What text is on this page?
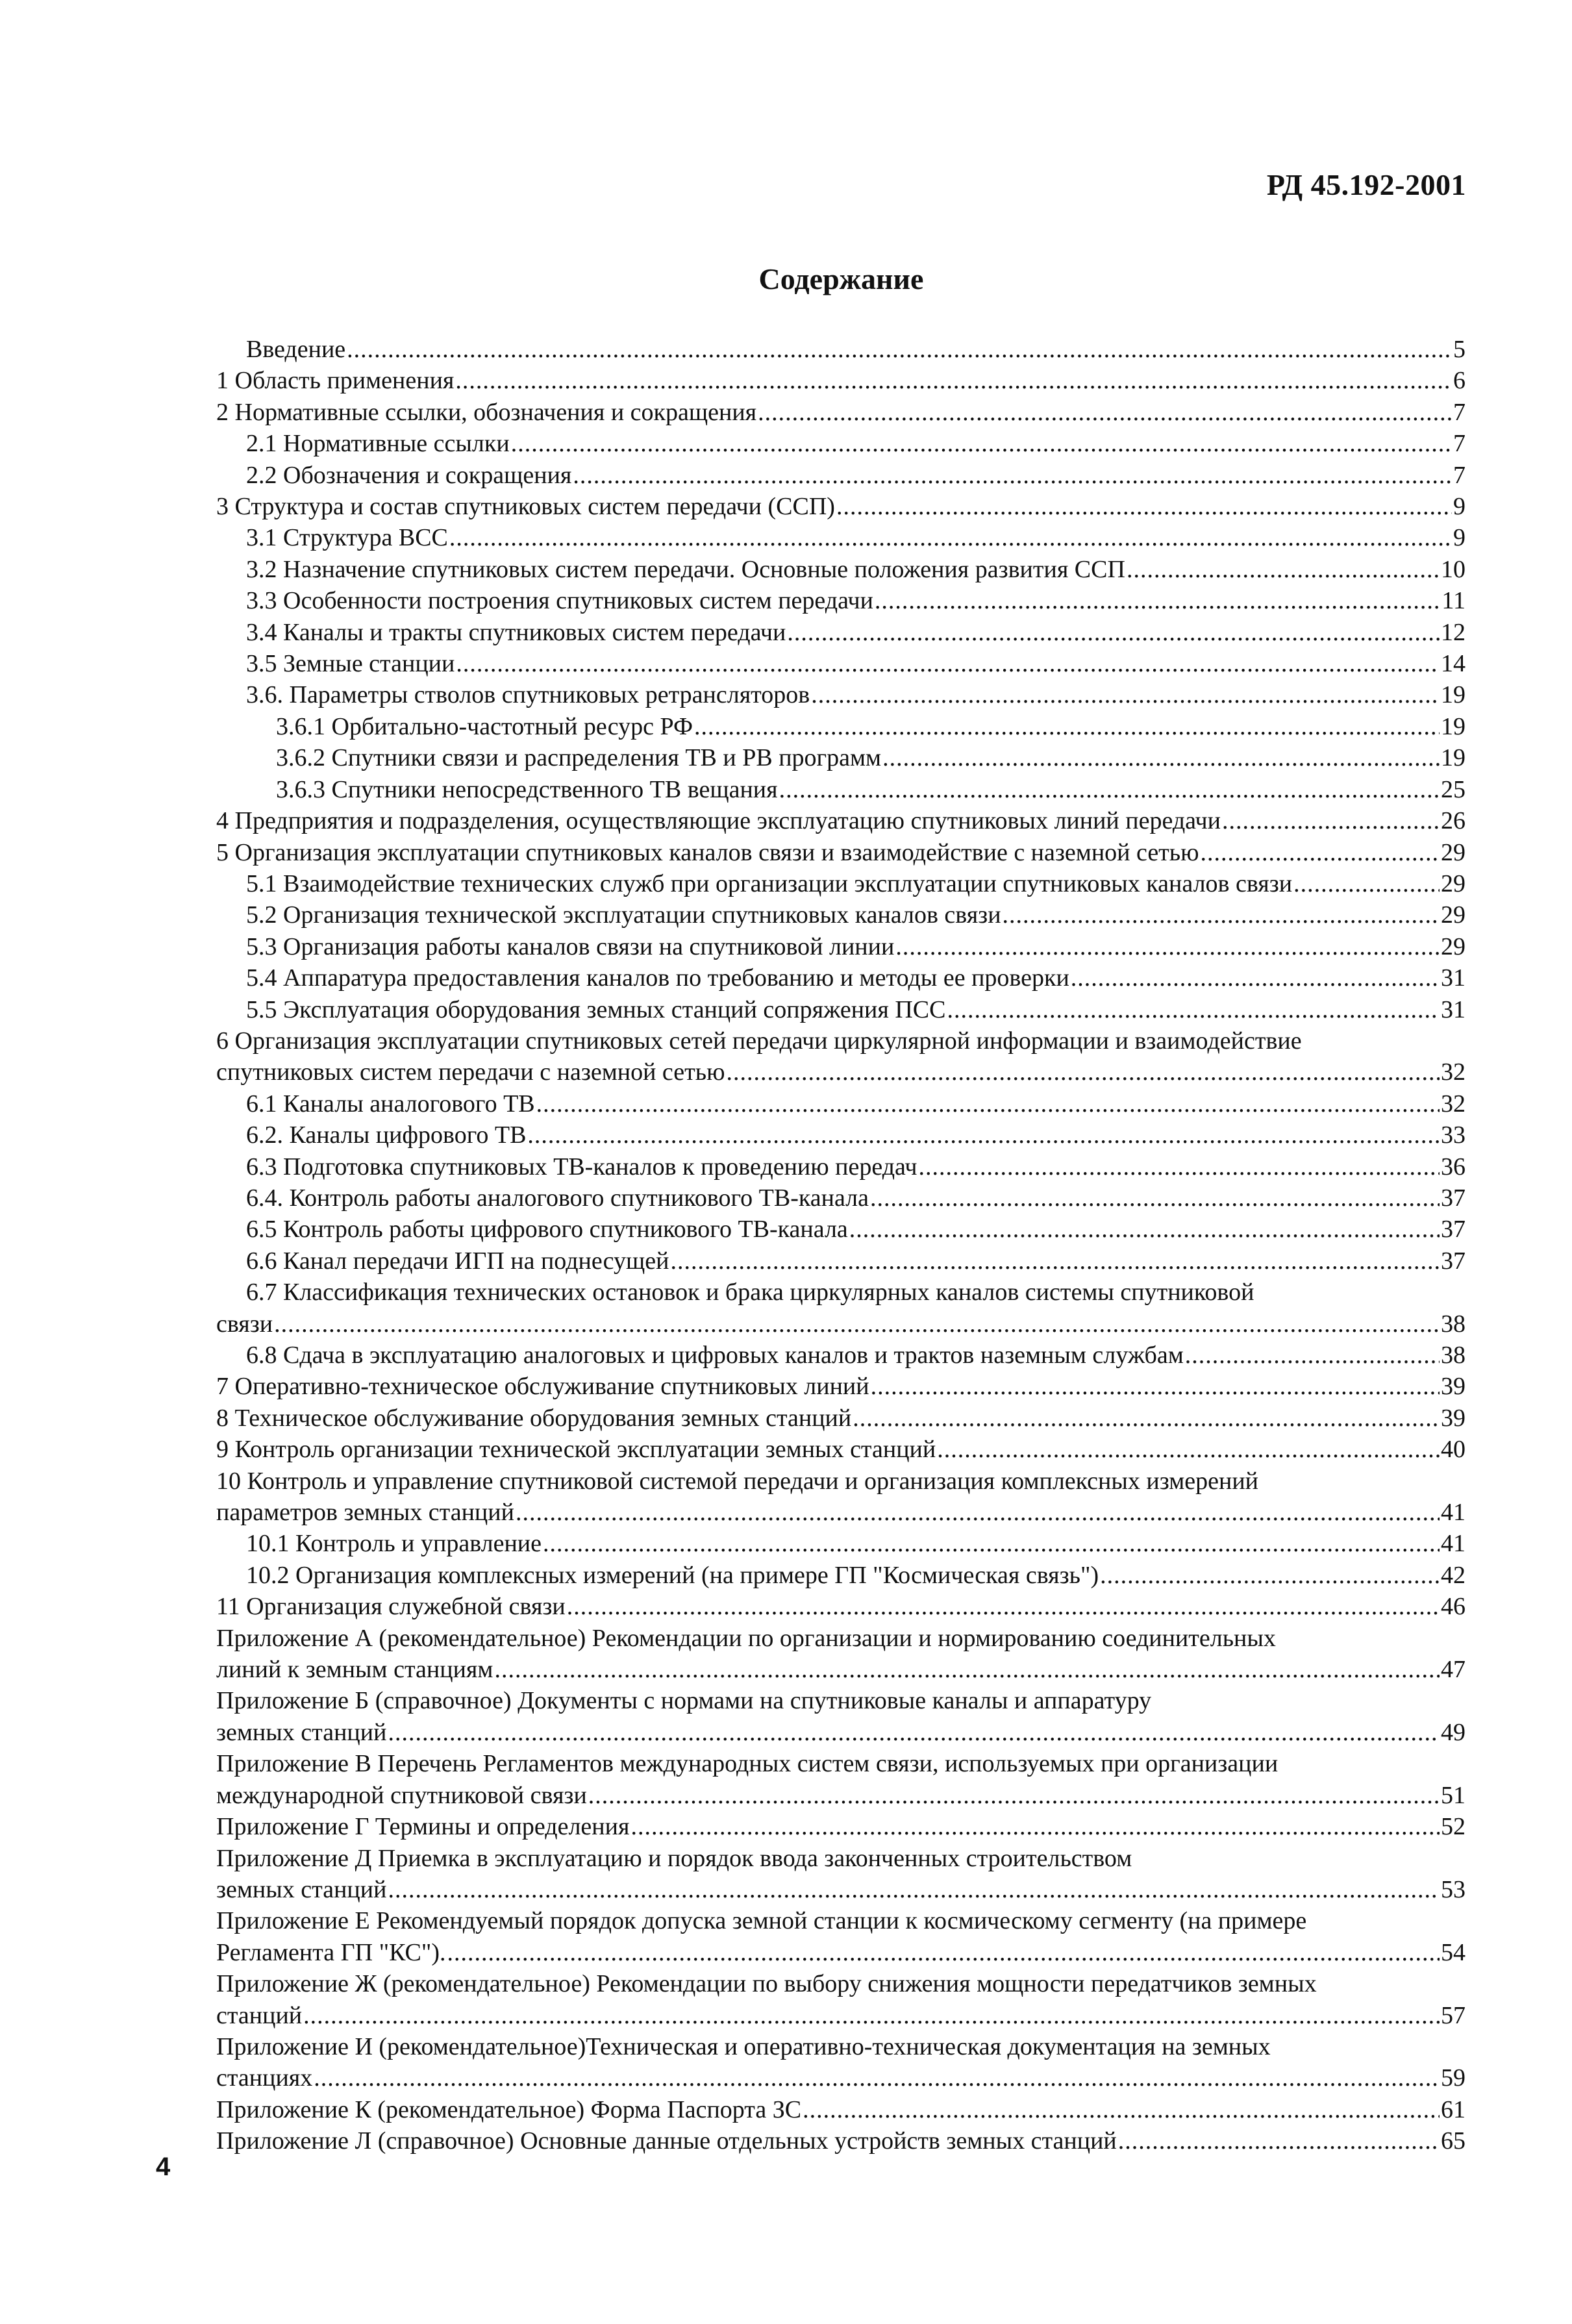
РД 45.192-2001
Содержание
Введение .....	5
1 Область применения .....	6
2 Нормативные ссылки, обозначения и сокращения .....	7
2.1 Нормативные ссылки .....	7
2.2 Обозначения и сокращения .....	7
3 Структура и состав спутниковых систем передачи (ССП) .....	9
3.1 Структура ВСС .....	9
3.2 Назначение спутниковых систем передачи. Основные положения развития ССП .....	10
3.3 Особенности построения спутниковых систем передачи .....	11
3.4 Каналы и тракты спутниковых систем передачи .....	12
3.5 Земные станции .....	14
3.6. Параметры стволов спутниковых ретрансляторов .....	19
3.6.1 Орбитально-частотный ресурс РФ .....	19
3.6.2 Спутники связи и распределения ТВ и РВ программ .....	19
3.6.3 Спутники непосредственного ТВ вещания .....	25
4 Предприятия и подразделения, осуществляющие эксплуатацию спутниковых линий передачи .....	26
5 Организация эксплуатации спутниковых каналов связи и взаимодействие с наземной сетью .....	29
5.1 Взаимодействие технических служб при организации эксплуатации спутниковых каналов связи .....	29
5.2 Организация технической эксплуатации спутниковых каналов связи .....	29
5.3 Организация работы каналов связи на спутниковой линии .....	29
5.4 Аппаратура предоставления каналов по требованию и методы ее проверки .....	31
5.5 Эксплуатация оборудования земных станций сопряжения ПСС .....	31
6 Организация эксплуатации спутниковых сетей передачи циркулярной информации и взаимодействие
спутниковых систем передачи с наземной сетью .....	32
6.1 Каналы аналогового ТВ .....	32
6.2. Каналы цифрового ТВ .....	33
6.3 Подготовка спутниковых ТВ-каналов к проведению передач .....	36
6.4. Контроль работы аналогового спутникового ТВ-канала .....	37
6.5 Контроль работы цифрового спутникового ТВ-канала .....	37
6.6 Канал передачи ИГП на поднесущей .....	37
6.7 Классификация технических остановок и брака циркулярных каналов системы спутниковой
связи .....	38
6.8 Сдача в эксплуатацию аналоговых и цифровых каналов и трактов наземным службам .....	38
7 Оперативно-техническое обслуживание спутниковых линий .....	39
8 Техническое обслуживание оборудования земных станций .....	39
9 Контроль организации технической эксплуатации земных станций .....	40
10 Контроль и управление спутниковой системой передачи и организация комплексных измерений
параметров земных станций .....	41
10.1 Контроль и управление .....	41
10.2 Организация комплексных измерений (на примере ГП "Космическая связь") .....	42
11 Организация служебной связи .....	46
Приложение А (рекомендательное) Рекомендации по организации и нормированию соединительных
линий к земным станциям .....	47
Приложение Б (справочное) Документы с нормами на спутниковые каналы и аппаратуру
земных станций .....	49
Приложение В Перечень Регламентов международных систем связи, используемых при организации
международной спутниковой связи .....	51
Приложение Г Термины и определения .....	52
Приложение Д Приемка в эксплуатацию и порядок ввода законченных строительством
земных станций .....	53
Приложение Е Рекомендуемый порядок допуска земной станции к космическому сегменту (на примере
Регламента ГП "КС"). .....	54
Приложение Ж (рекомендательное) Рекомендации по выбору снижения мощности передатчиков земных
станций .....	57
Приложение И (рекомендательное)Техническая и оперативно-техническая документация на земных
станциях .....	59
Приложение К (рекомендательное) Форма Паспорта ЗС .....	61
Приложение Л (справочное) Основные данные отдельных устройств земных станций .....	65
4
